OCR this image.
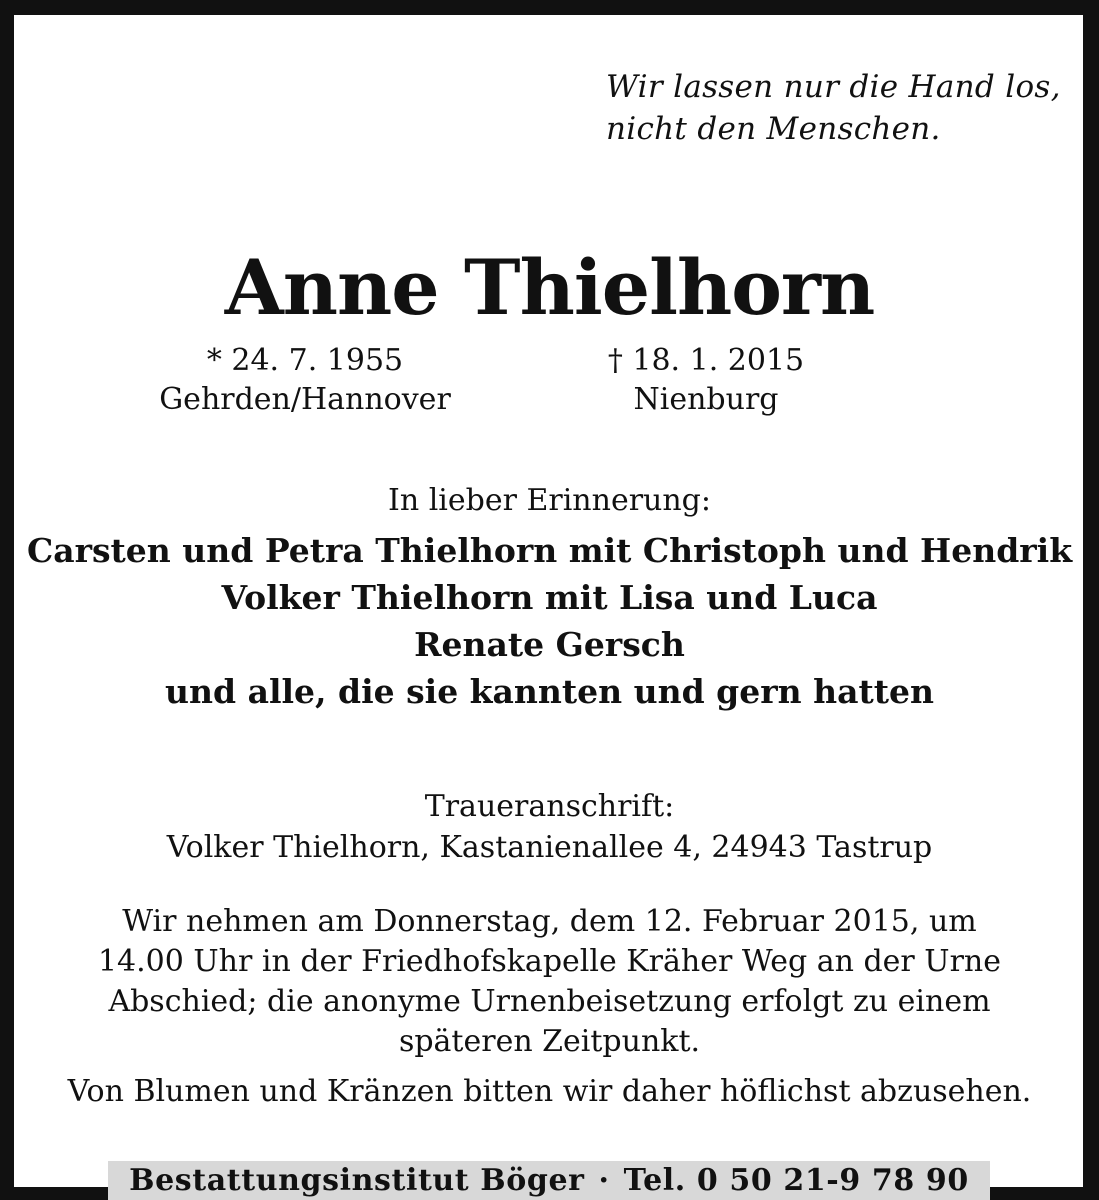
Wir lassen nur die Hand los,
nicht den Menschen.
Anne Thielhorn
* 24. 7. 1955
Gehrden/Hannover
† 18. 1. 2015
Nienburg
In lieber Erinnerung:
Carsten und Petra Thielhorn mit Christoph und Hendrik
Volker Thielhorn mit Lisa und Luca
Renate Gersch
und alle, die sie kannten und gern hatten
Traueranschrift:
Volker Thielhorn, Kastanienallee 4, 24943 Tastrup
Wir nehmen am Donnerstag, dem 12. Februar 2015, um
14.00 Uhr in der Friedhofskapelle Kräher Weg an der Urne
Abschied; die anonyme Urnenbeisetzung erfolgt zu einem
späteren Zeitpunkt.
Von Blumen und Kränzen bitten wir daher höflichst abzusehen.
Bestattungsinstitut Böger · Tel. 0 50 21-9 78 90
